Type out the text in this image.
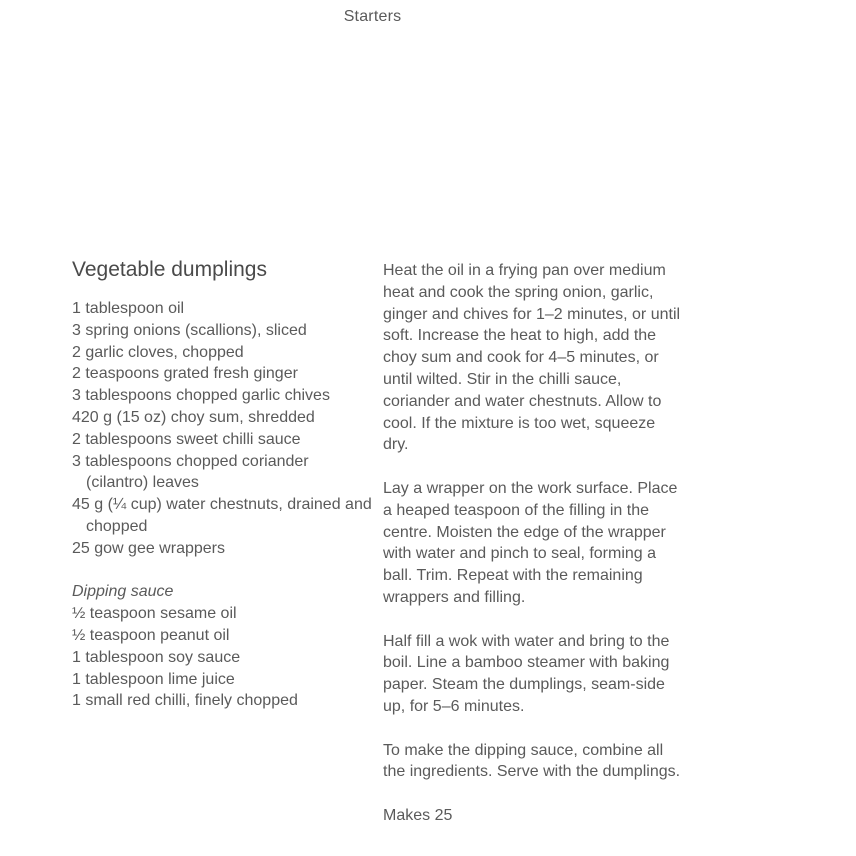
Starters
Vegetable dumplings
1 tablespoon oil
3 spring onions (scallions), sliced
2 garlic cloves, chopped
2 teaspoons grated fresh ginger
3 tablespoons chopped garlic chives
420 g (15 oz) choy sum, shredded
2 tablespoons sweet chilli sauce
3 tablespoons chopped coriander (cilantro) leaves
45 g (¼ cup) water chestnuts, drained and chopped
25 gow gee wrappers
Dipping sauce
½ teaspoon sesame oil
½ teaspoon peanut oil
1 tablespoon soy sauce
1 tablespoon lime juice
1 small red chilli, finely chopped

Heat the oil in a frying pan over medium heat and cook the spring onion, garlic, ginger and chives for 1–2 minutes, or until soft. Increase the heat to high, add the choy sum and cook for 4–5 minutes, or until wilted. Stir in the chilli sauce, coriander and water chestnuts. Allow to cool. If the mixture is too wet, squeeze dry.

Lay a wrapper on the work surface. Place a heaped teaspoon of the filling in the centre. Moisten the edge of the wrapper with water and pinch to seal, forming a ball. Trim. Repeat with the remaining wrappers and filling.

Half fill a wok with water and bring to the boil. Line a bamboo steamer with baking paper. Steam the dumplings, seam-side up, for 5–6 minutes.

To make the dipping sauce, combine all the ingredients. Serve with the dumplings.

Makes 25
